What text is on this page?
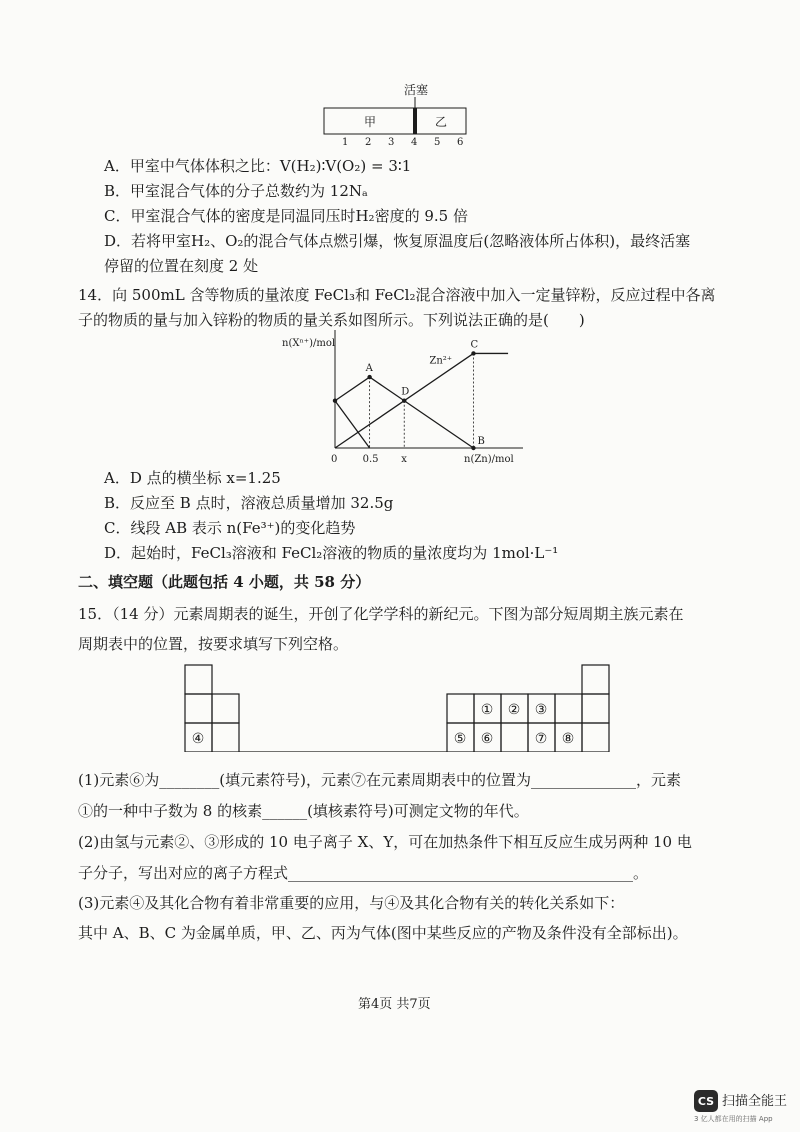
活塞
甲	乙
1 2 3 4 5 6
A．甲室中气体体积之比：V(H₂)∶V(O₂) = 3∶1
B．甲室混合气体的分子总数约为 12Nₐ
C．甲室混合气体的密度是同温同压时H₂密度的 9.5 倍
D．若将甲室H₂、O₂的混合气体点燃引爆，恢复原温度后(忽略液体所占体积)，最终活塞
停留的位置在刻度 2 处
14．向 500mL 含等物质的量浓度 FeCl₃和 FeCl₂混合溶液中加入一定量锌粉，反应过程中各离
子的物质的量与加入锌粉的物质的量关系如图所示。下列说法正确的是(　　)
n(Xⁿ⁺)/mol
n(Zn)/mol
0	0.5 x
A
B
C
D
Zn²⁺
A．D 点的横坐标 x=1.25
B．反应至 B 点时，溶液总质量增加 32.5g
C．线段 AB 表示 n(Fe³⁺)的变化趋势
D．起始时，FeCl₃溶液和 FeCl₂溶液的物质的量浓度均为 1mol·L⁻¹
二、填空题（此题包括 4 小题，共 58 分）
15．（14 分）元素周期表的诞生，开创了化学学科的新纪元。下图为部分短周期主族元素在
周期表中的位置，按要求填写下列空格。
① ② ③
④	⑤ ⑥	⑦ ⑧
(1)元素⑥为________(填元素符号)，元素⑦在元素周期表中的位置为______________，元素
①的一种中子数为 8 的核素______(填核素符号)可测定文物的年代。
(2)由氢与元素②、③形成的 10 电子离子 X、Y，可在加热条件下相互反应生成另两种 10 电
子分子，写出对应的离子方程式______________________________________________。
(3)元素④及其化合物有着非常重要的应用，与④及其化合物有关的转化关系如下：
其中 A、B、C 为金属单质，甲、乙、丙为气体(图中某些反应的产物及条件没有全部标出)。
第4页 共7页
CS 扫描全能王
3 亿人都在用的扫描 App
